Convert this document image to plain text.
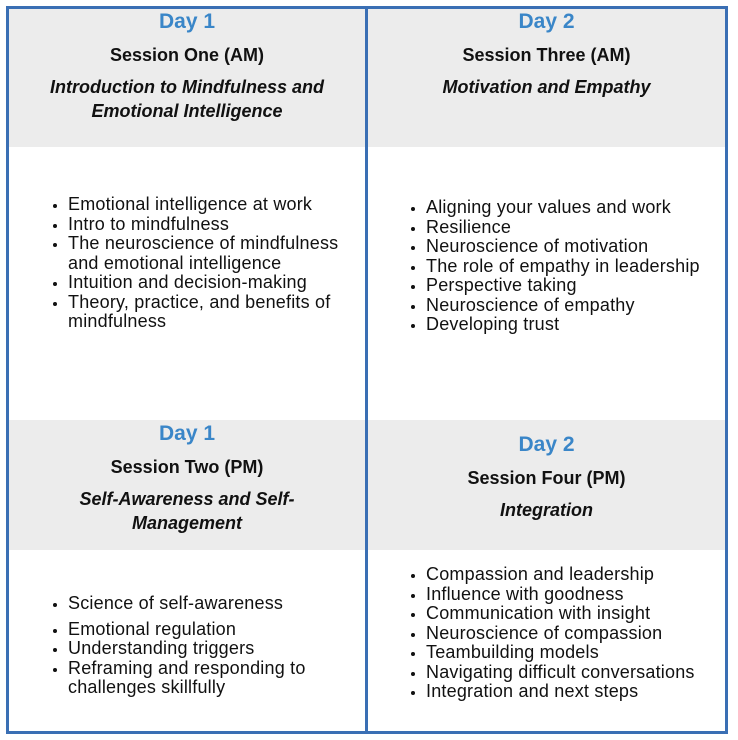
Day 1
Session One (AM)
Introduction to Mindfulness and Emotional Intelligence
• Emotional intelligence at work
• Intro to mindfulness
• The neuroscience of mindfulness and emotional intelligence
• Intuition and decision-making
• Theory, practice, and benefits of mindfulness
Day 2
Session Three (AM)
Motivation and Empathy
• Aligning your values and work
• Resilience
• Neuroscience of motivation
• The role of empathy in leadership
• Perspective taking
• Neuroscience of empathy
• Developing trust
Day 1
Session Two (PM)
Self-Awareness and Self-Management
• Science of self-awareness
• Emotional regulation
• Understanding triggers
• Reframing and responding to challenges skillfully
Day 2
Session Four (PM)
Integration
• Compassion and leadership
• Influence with goodness
• Communication with insight
• Neuroscience of compassion
• Teambuilding models
• Navigating difficult conversations
• Integration and next steps
